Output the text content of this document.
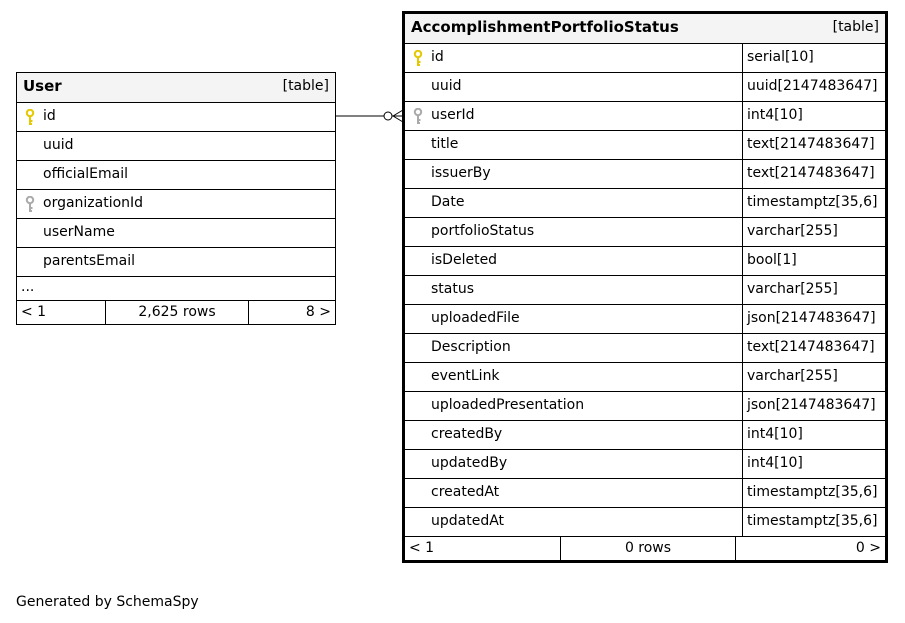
User	[table]
id
uuid
officialEmail
organizationId
userName
parentsEmail
...
< 1	2,625 rows	8 >
AccomplishmentPortfolioStatus	[table]
id	serial[10]
uuid	uuid[2147483647]
userId	int4[10]
title	text[2147483647]
issuerBy	text[2147483647]
Date	timestamptz[35,6]
portfolioStatus	varchar[255]
isDeleted	bool[1]
status	varchar[255]
uploadedFile	json[2147483647]
Description	text[2147483647]
eventLink	varchar[255]
uploadedPresentation	json[2147483647]
createdBy	int4[10]
updatedBy	int4[10]
createdAt	timestamptz[35,6]
updatedAt	timestamptz[35,6]
< 1	0 rows	0 >
Generated by SchemaSpy
